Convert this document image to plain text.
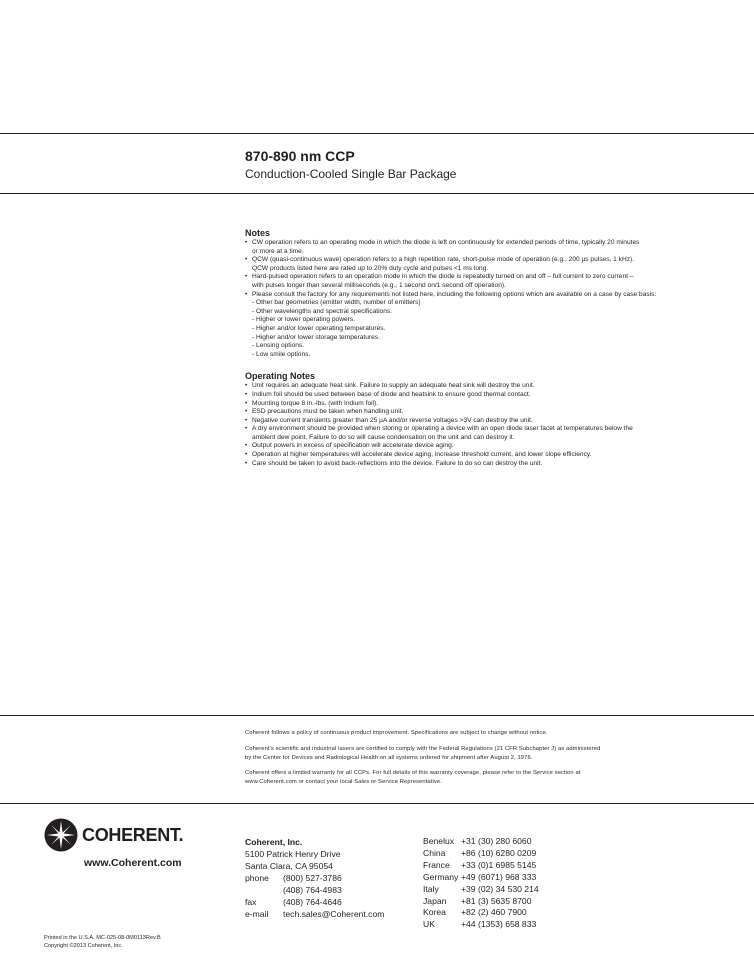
870-890 nm CCP

Conduction-Cooled Single Bar Package

Notes
• CW operation refers to an operating mode in which the diode is left on continuously for extended periods of time, typically 20 minutes
or more at a time.
• QCW (quasi-continuous wave) operation refers to a high repetition rate, short-pulse mode of operation (e.g., 200 µs pulses, 1 kHz).
QCW products listed here are rated up to 20% duty cycle and pulses <1 ms long.
• Hard-pulsed operation refers to an operation mode in which the diode is repeatedly turned on and off – full current to zero current –
with pulses longer than several milliseconds (e.g., 1 second on/1 second off operation).
• Please consult the factory for any requirements not listed here, including the following options which are available on a case by case basis:
- Other bar geometries (emitter width, number of emitters)
- Other wavelengths and spectral specifications.
- Higher or lower operating powers.
- Higher and/or lower operating temperatures.
- Higher and/or lower storage temperatures.
- Lensing options.
- Low smile options.
Operating Notes
• Unit requires an adequate heat sink. Failure to supply an adequate heat sink will destroy the unit.
• Indium foil should be used between base of diode and heatsink to ensure good thermal contact.
• Mounting torque 8 in.-lbs. (with Indium foil).
• ESD precautions must be taken when handling unit.
• Negative current transients greater than 25 µA and/or reverse voltages >3V can destroy the unit.
• A dry environment should be provided when storing or operating a device with an open diode laser facet at temperatures below the
ambient dew point. Failure to do so will cause condensation on the unit and can destroy it.
• Output powers in excess of specification will accelerate device aging.
• Operation at higher temperatures will accelerate device aging, increase threshold current, and lower slope efficiency.
• Care should be taken to avoid back-reflections into the device. Failure to do so can destroy the unit.

Coherent follows a policy of continuous product improvement. Specifications are subject to change without notice.

Coherent's scientific and industrial lasers are certified to comply with the Federal Regulations (21 CFR Subchapter J) as administered
by the Center for Devices and Radiological Health on all systems ordered for shipment after August 2, 1976.

Coherent offers a limited warranty for all CCPs. For full details of this warranty coverage, please refer to the Service section at
www.Coherent.com or contact your local Sales or Service Representative.

COHERENT.
www.Coherent.com
Coherent, Inc.
5100 Patrick Henry Drive
Santa Clara, CA 95054
phone	(800) 527-3786
(408) 764-4983
fax	(408) 764-4646
e-mail	tech.sales@Coherent.com
Benelux +31 (30) 280 6060
China	+86 (10) 6280 0209
France	+33 (0)1 6985 5145
Germany +49 (6071) 968 333
Italy	+39 (02) 34 530 214
Japan	+81 (3) 5635 8700
Korea	+82 (2) 460 7900
UK	+44 (1353) 658 833
Printed in the U.S.A. MC-025-08-0M0113Rev.B
Copyright ©2013 Coherent, Inc.
